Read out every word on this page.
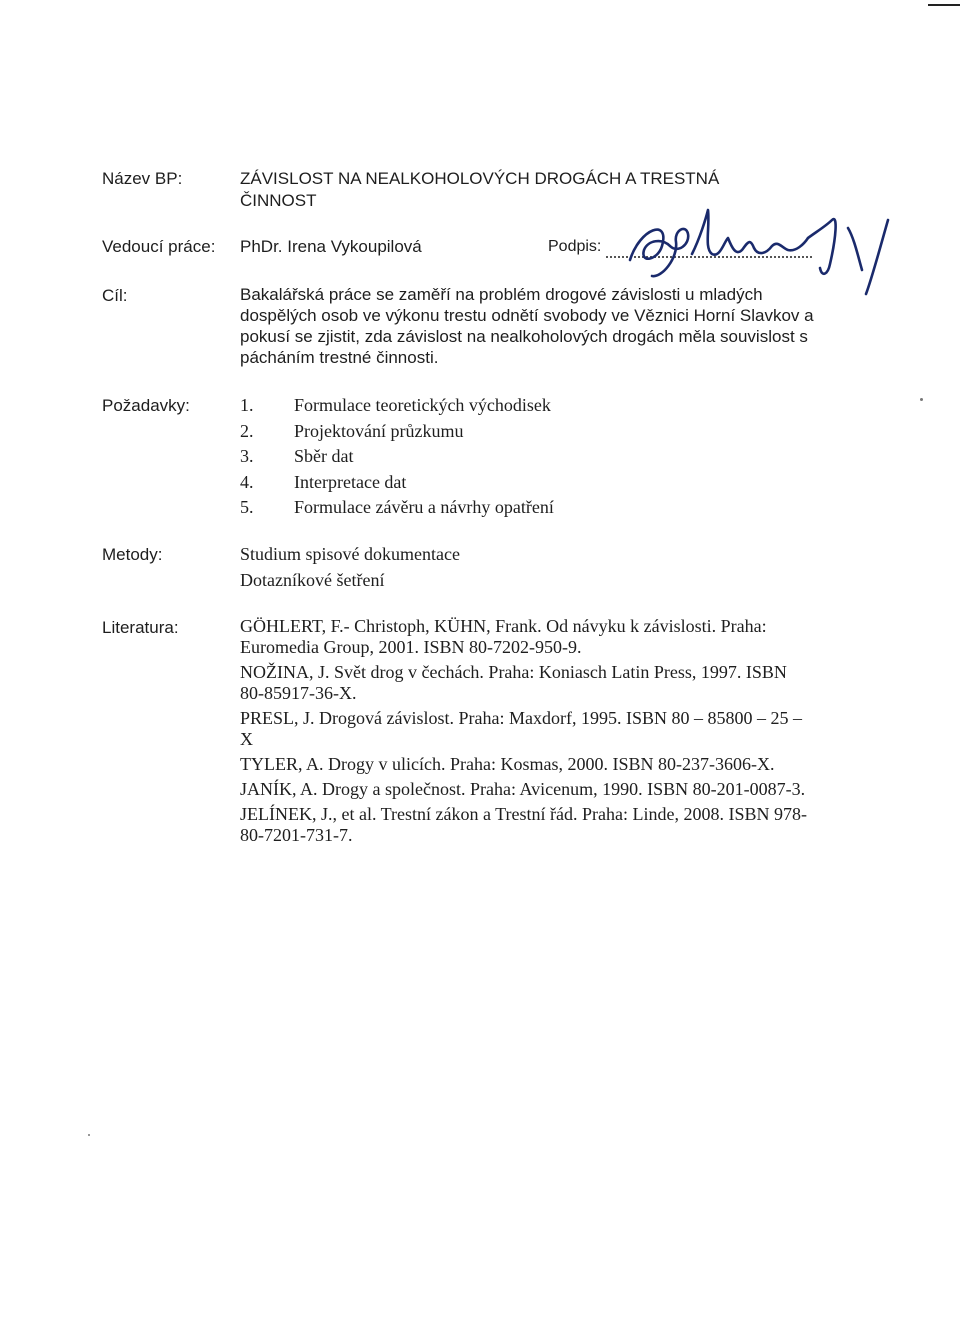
Název BP:	ZÁVISLOST NA NEALKOHOLOVÝCH DROGÁCH A TRESTNÁ
ČINNOST
Vedoucí práce: PhDr. Irena Vykoupilová	Podpis:
Cíl:	Bakalářská práce se zaměří na problém drogové závislosti u mladých dospělých osob ve výkonu trestu odnětí svobody ve Věznici Horní Slavkov a pokusí se zjistit, zda závislost na nealkoholových drogách měla souvislost s pácháním trestné činnosti.
Požadavky:	1. Formulace teoretických východisek
2. Projektování průzkumu
3. Sběr dat
4. Interpretace dat
5. Formulace závěru a návrhy opatření
Metody:	Studium spisové dokumentace
Dotazníkové šetření
Literatura:	GÖHLERT, F.- Christoph, KÜHN, Frank. Od návyku k závislosti. Praha: Euromedia Group, 2001. ISBN 80-7202-950-9.
NOŽINA, J. Svět drog v čechách. Praha: Koniasch Latin Press, 1997. ISBN 80-85917-36-X.
PRESL, J. Drogová závislost. Praha: Maxdorf, 1995. ISBN 80 – 85800 – 25 – X
TYLER, A. Drogy v ulicích. Praha: Kosmas, 2000. ISBN 80-237-3606-X.
JANÍK, A. Drogy a společnost. Praha: Avicenum, 1990. ISBN 80-201-0087-3.
JELÍNEK, J., et al. Trestní zákon a Trestní řád. Praha: Linde, 2008. ISBN 978-80-7201-731-7.
